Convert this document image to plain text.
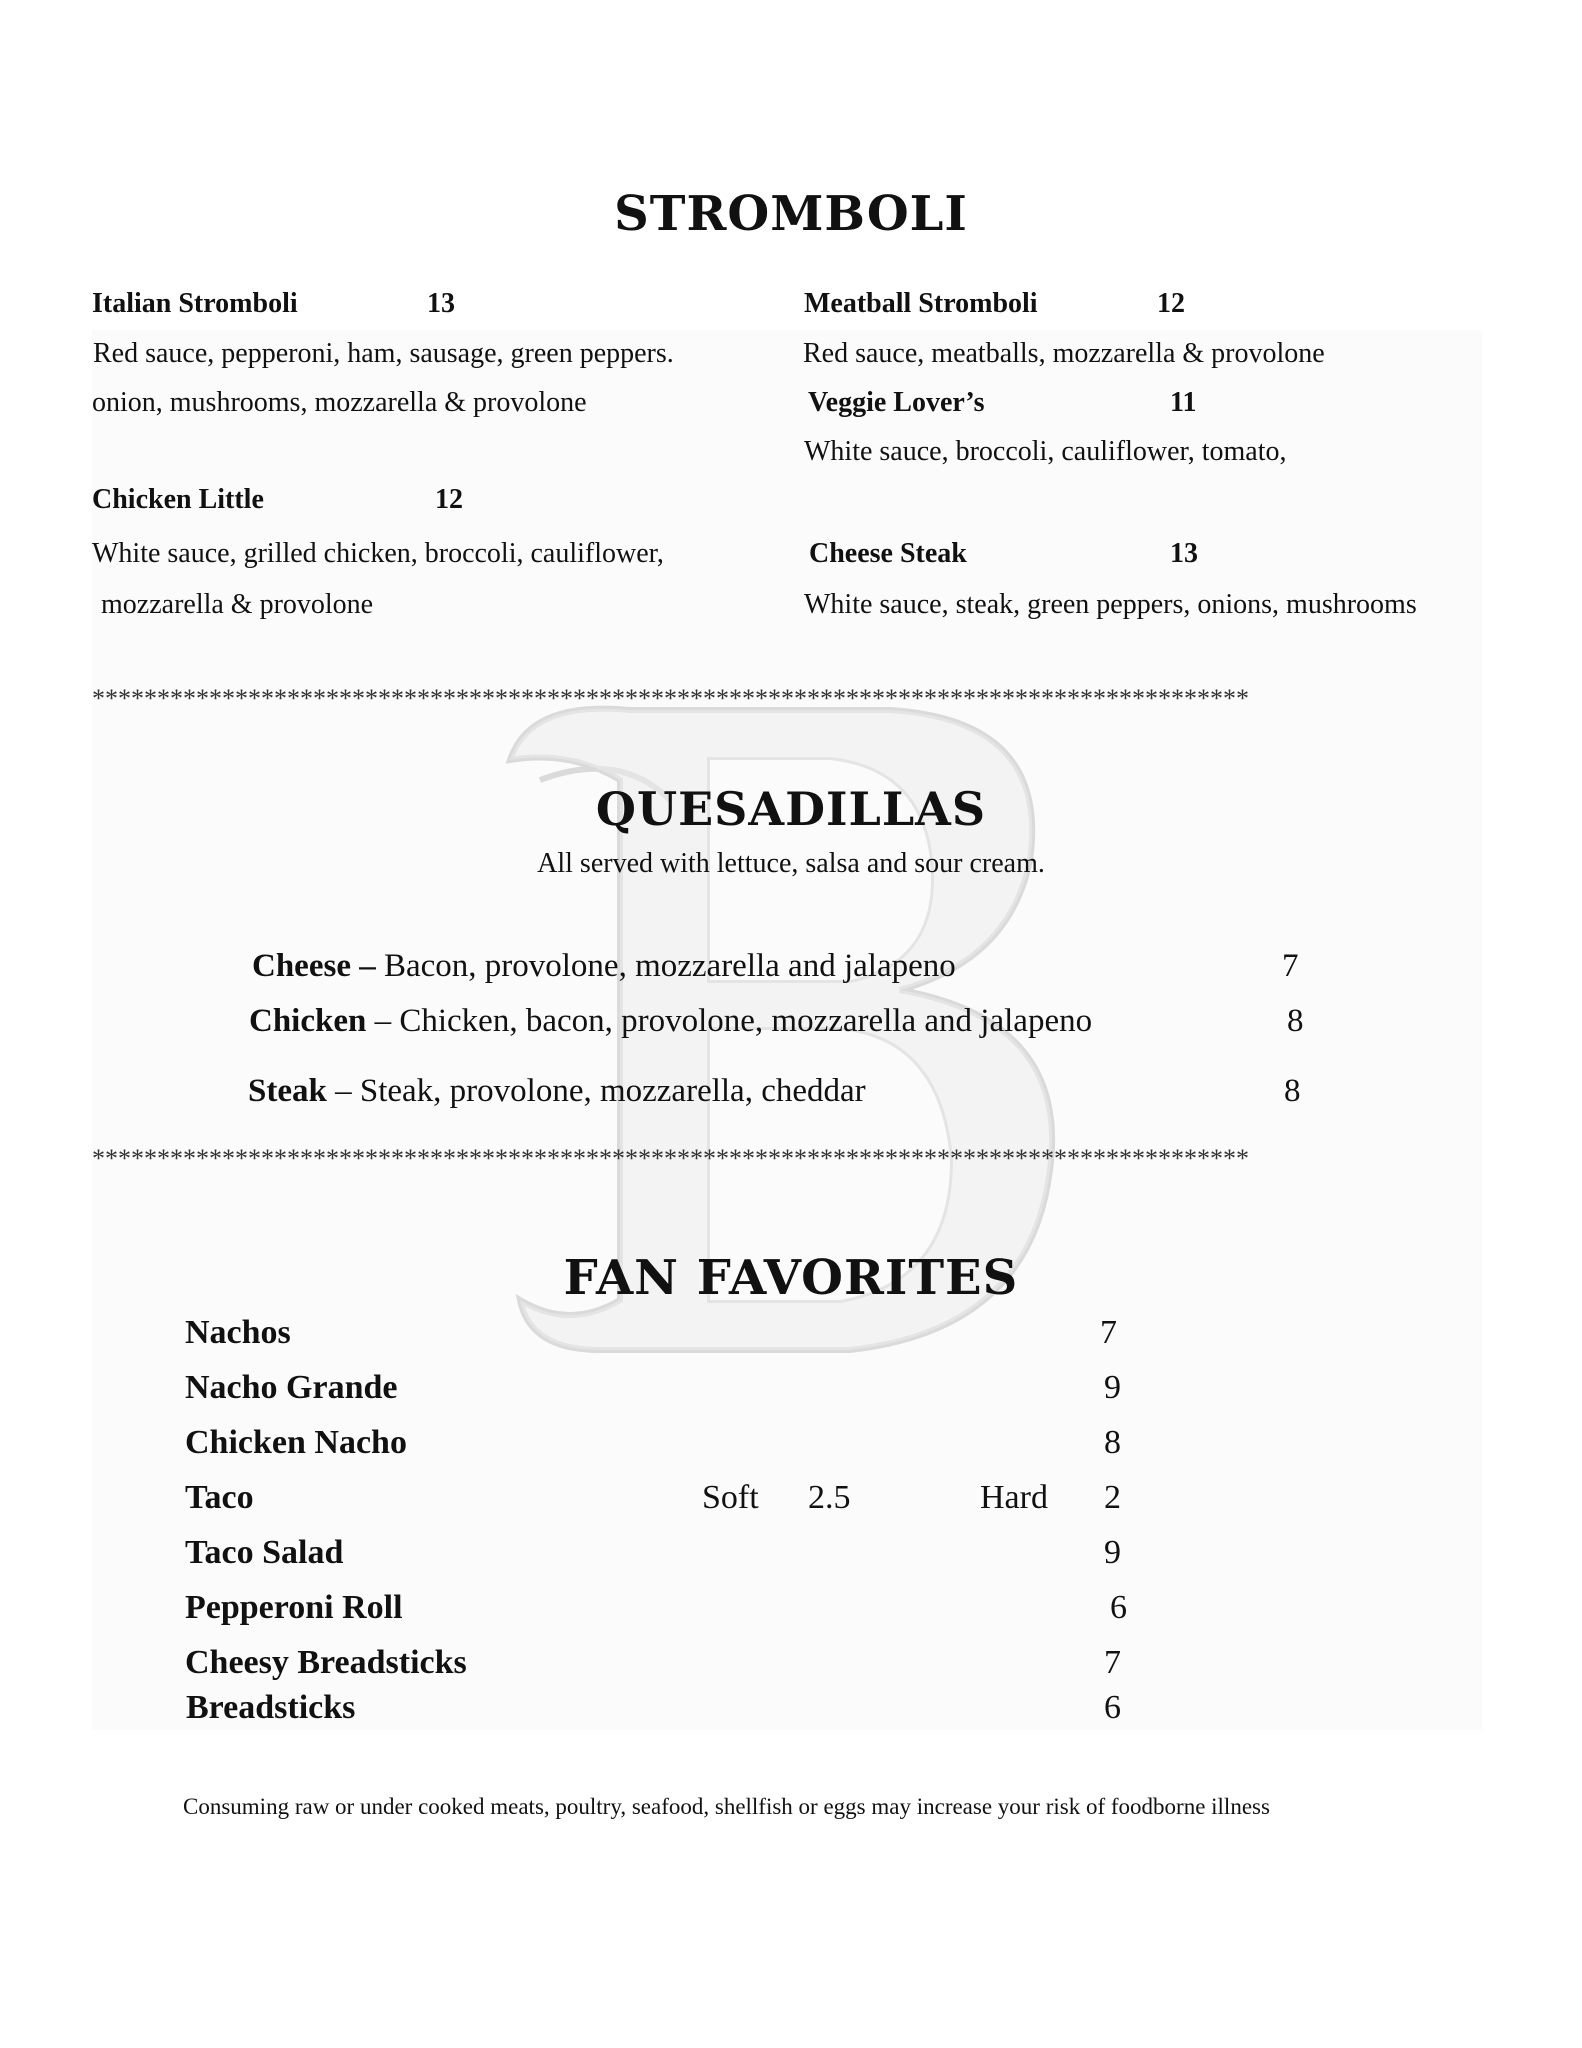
STROMBOLI
Italian Stromboli	13
Red sauce, pepperoni, ham, sausage, green peppers.
onion, mushrooms, mozzarella & provolone
Chicken Little	12
White sauce, grilled chicken, broccoli, cauliflower,
mozzarella & provolone
Meatball Stromboli	12
Red sauce, meatballs, mozzarella & provolone
Veggie Lover’s	11
White sauce, broccoli, cauliflower, tomato,
Cheese Steak	13
White sauce, steak, green peppers, onions, mushrooms
*****************************************************************************************
QUESADILLAS
All served with lettuce, salsa and sour cream.
Cheese – Bacon, provolone, mozzarella and jalapeno	7
Chicken – Chicken, bacon, provolone, mozzarella and jalapeno	8
Steak – Steak, provolone, mozzarella, cheddar	8
*****************************************************************************************
FAN FAVORITES
Nachos	7
Nacho Grande	9
Chicken Nacho	8
Taco	Soft 2.5	Hard 2
Taco Salad	9
Pepperoni Roll	6
Cheesy Breadsticks	7
Breadsticks	6
Consuming raw or under cooked meats, poultry, seafood, shellfish or eggs may increase your risk of foodborne illness
